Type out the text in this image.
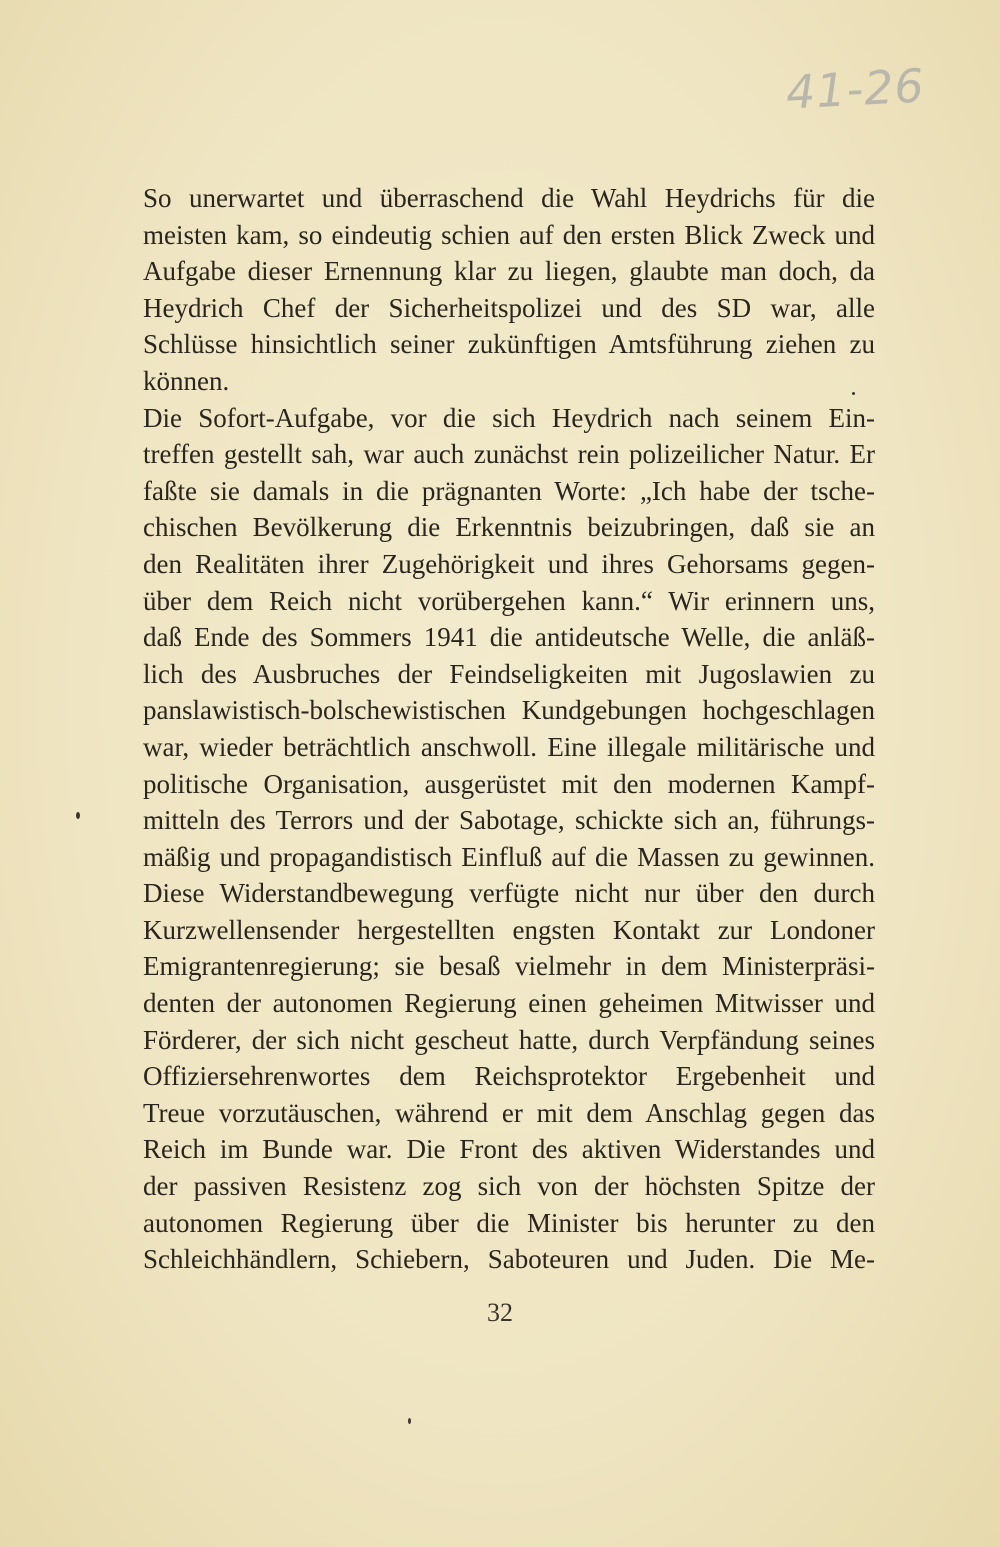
41-26
So unerwartet und überraschend die Wahl Heydrichs für die
meisten kam, so eindeutig schien auf den ersten Blick Zweck und
Aufgabe dieser Ernennung klar zu liegen, glaubte man doch, da
Heydrich Chef der Sicherheitspolizei und des SD war, alle
Schlüsse hinsichtlich seiner zukünftigen Amtsführung ziehen zu
können.
Die Sofort-Aufgabe, vor die sich Heydrich nach seinem Ein-
treffen gestellt sah, war auch zunächst rein polizeilicher Natur. Er
faßte sie damals in die prägnanten Worte: „Ich habe der tsche-
chischen Bevölkerung die Erkenntnis beizubringen, daß sie an
den Realitäten ihrer Zugehörigkeit und ihres Gehorsams gegen-
über dem Reich nicht vorübergehen kann.“ Wir erinnern uns,
daß Ende des Sommers 1941 die antideutsche Welle, die anläß-
lich des Ausbruches der Feindseligkeiten mit Jugoslawien zu
panslawistisch-bolschewistischen Kundgebungen hochgeschlagen
war, wieder beträchtlich anschwoll. Eine illegale militärische und
politische Organisation, ausgerüstet mit den modernen Kampf-
mitteln des Terrors und der Sabotage, schickte sich an, führungs-
mäßig und propagandistisch Einfluß auf die Massen zu gewinnen.
Diese Widerstandbewegung verfügte nicht nur über den durch
Kurzwellensender hergestellten engsten Kontakt zur Londoner
Emigrantenregierung; sie besaß vielmehr in dem Ministerpräsi-
denten der autonomen Regierung einen geheimen Mitwisser und
Förderer, der sich nicht gescheut hatte, durch Verpfändung seines
Offiziersehrenwortes dem Reichsprotektor Ergebenheit und
Treue vorzutäuschen, während er mit dem Anschlag gegen das
Reich im Bunde war. Die Front des aktiven Widerstandes und
der passiven Resistenz zog sich von der höchsten Spitze der
autonomen Regierung über die Minister bis herunter zu den
Schleichhändlern, Schiebern, Saboteuren und Juden. Die Me-
32
